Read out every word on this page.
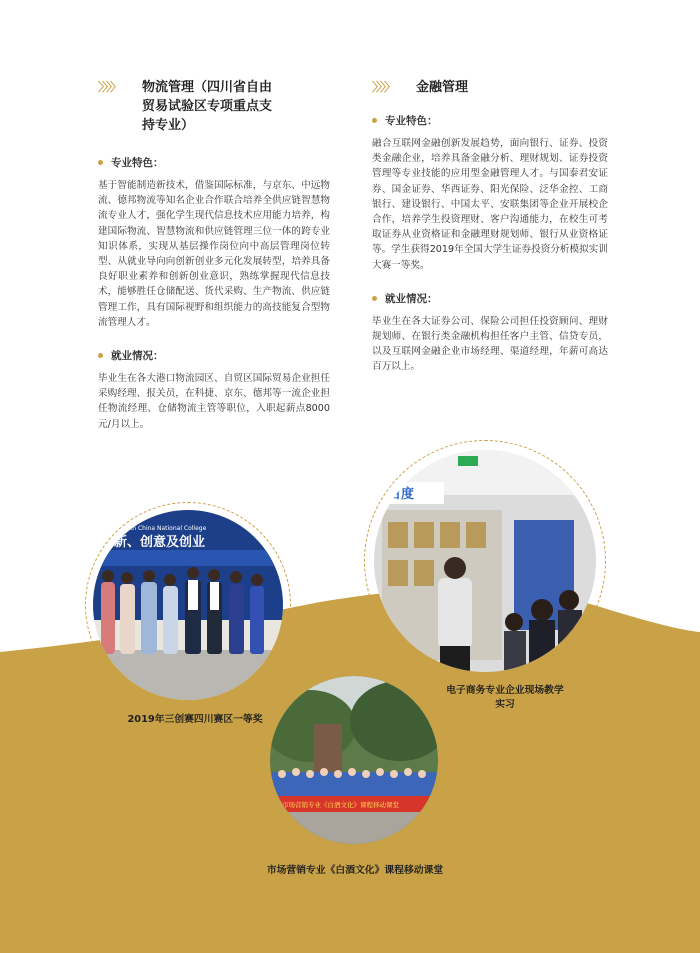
〉〉〉〉	物流管理（四川省自由贸易试验区专项重点支持专业）
专业特色：

基于智能制造新技术，借鉴国际标准，与京东、中远物流、德邦物流等知名企业合作联合培养全供应链智慧物流专业人才，强化学生现代信息技术应用能力培养，构建国际物流、智慧物流和供应链管理三位一体的跨专业知识体系，实现从基层操作岗位向中高层管理岗位转型、从就业导向向创新创业多元化发展转型，培养具备良好职业素养和创新创业意识，熟练掌握现代信息技术，能够胜任仓储配送、货代采购、生产物流、供应链管理工作，具有国际视野和组织能力的高技能复合型物流管理人才。

就业情况：

毕业生在各大港口物流园区、自贸区国际贸易企业担任采购经理、报关员，在科捷、京东、德邦等一流企业担任物流经理、仓储物流主管等职位，入职起薪点8000元/月以上。

〉〉〉〉	金融管理
专业特色：

融合互联网金融创新发展趋势，面向银行、证券、投资类金融企业，培养具备金融分析、理财规划、证券投资管理等专业技能的应用型金融管理人才。与国泰君安证券、国金证券、华西证券、阳光保险、泛华金控、工商银行、建设银行、中国太平、安联集团等企业开展校企合作，培养学生投资理财、客户沟通能力，在校生可考取证券从业资格证和金融理财规划师、银行从业资格证等。学生获得2019年全国大学生证券投资分析模拟实训大赛一等奖。

就业情况：

毕业生在各大证券公司、保险公司担任投资顾问、理财规划师、在银行类金融机构担任客户主管、信贷专员，以及互联网金融企业市场经理、渠道经理，年薪可高达百万以上。

The 9th China National College
创新、创意及创业
2019年三创赛四川赛区一等奖
百度
电子商务专业企业现场教学实习
市场营销专业《白酒文化》课程移动课堂
市场营销专业《白酒文化》课程移动课堂
